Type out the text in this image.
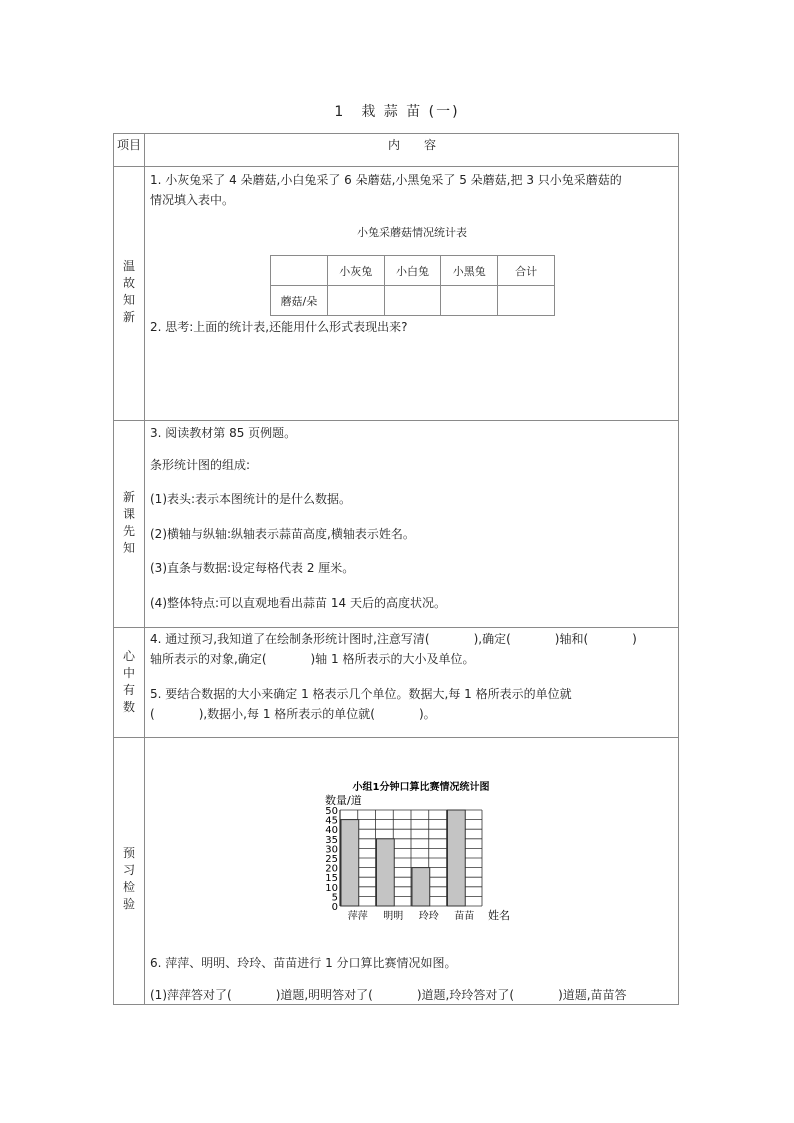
1　栽 蒜 苗 (一)
项目	内　　容
温
故
知
新
1. 小灰兔采了 4 朵蘑菇,小白兔采了 6 朵蘑菇,小黑兔采了 5 朵蘑菇,把 3 只小兔采蘑菇的
情况填入表中。
小兔采蘑菇情况统计表
	小灰兔	小白兔	小黑兔	合计
蘑菇/朵				
2. 思考:上面的统计表,还能用什么形式表现出来?
新
课
先
知
3. 阅读教材第 85 页例题。
条形统计图的组成:
(1)表头:表示本图统计的是什么数据。
(2)横轴与纵轴:纵轴表示蒜苗高度,横轴表示姓名。
(3)直条与数据:设定每格代表 2 厘米。
(4)整体特点:可以直观地看出蒜苗 14 天后的高度状况。
心
中
有
数
4. 通过预习,我知道了在绘制条形统计图时,注意写清(	),确定(	)轴和(	)
轴所表示的对象,确定(	)轴 1 格所表示的大小及单位。
5. 要结合数据的大小来确定 1 格表示几个单位。数据大,每 1 格所表示的单位就
(	),数据小,每 1 格所表示的单位就(	)。
预
习
检
验
小组1分钟口算比赛情况统计图
数量/道
0
5
10
15
20
25
30
35
40
45
50
萍萍 明明 玲玲 苗苗 姓名
6. 萍萍、明明、玲玲、苗苗进行 1 分口算比赛情况如图。
(1)萍萍答对了(	)道题,明明答对了(	)道题,玲玲答对了(	)道题,苗苗答
